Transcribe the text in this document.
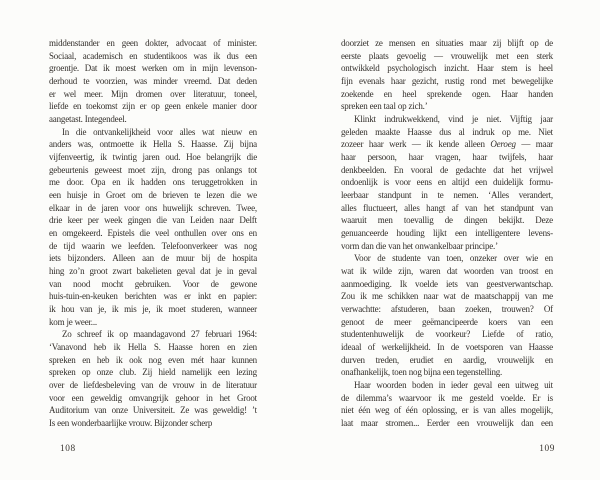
middenstander en geen dokter, advocaat of minister.
Sociaal, academisch en studentikoos was ik dus een
groentje. Dat ik moest werken om in mijn levenson-
derhoud te voorzien, was minder vreemd. Dat deden
er wel meer. Mijn dromen over literatuur, toneel,
liefde en toekomst zijn er op geen enkele manier door
aangetast. Integendeel.
In die ontvankelijkheid voor alles wat nieuw en
anders was, ontmoette ik Hella S. Haasse. Zij bijna
vijfenveertig, ik twintig jaren oud. Hoe belangrijk die
gebeurtenis geweest moet zijn, drong pas onlangs tot
me door. Opa en ik hadden ons teruggetrokken in
een huisje in Groet om de brieven te lezen die we
elkaar in de jaren voor ons huwelijk schreven. Twee,
drie keer per week gingen die van Leiden naar Delft
en omgekeerd. Epistels die veel onthullen over ons en
de tijd waarin we leefden. Telefoonverkeer was nog
iets bijzonders. Alleen aan de muur bij de hospita
hing zo’n groot zwart bakelieten geval dat je in geval
van nood mocht gebruiken. Voor de gewone
huis-tuin-en-keuken berichten was er inkt en papier:
ik hou van je, ik mis je, ik moet studeren, wanneer
kom je weer...
Zo schreef ik op maandagavond 27 februari 1964:
‘Vanavond heb ik Hella S. Haasse horen en zien
spreken en heb ik ook nog even mét haar kunnen
spreken op onze club. Zij hield namelijk een lezing
over de liefdesbeleving van de vrouw in de literatuur
voor een geweldig omvangrijk gehoor in het Groot
Auditorium van onze Universiteit. Ze was geweldig! ’t
Is een wonderbaarlijke vrouw. Bijzonder scherp
doorziet ze mensen en situaties maar zij blijft op de
eerste plaats gevoelig — vrouwelijk met een sterk
ontwikkeld psychologisch inzicht. Haar stem is heel
fijn evenals haar gezicht, rustig rond met bewegelijke
zoekende en heel sprekende ogen. Haar handen
spreken een taal op zich.’
Klinkt indrukwekkend, vind je niet. Vijftig jaar
geleden maakte Haasse dus al indruk op me. Niet
zozeer haar werk — ik kende alleen Oeroeg — maar
haar persoon, haar vragen, haar twijfels, haar
denkbeelden. En vooral de gedachte dat het vrijwel
ondoenlijk is voor eens en altijd een duidelijk formu-
leerbaar standpunt in te nemen. ‘Alles verandert,
alles fluctueert, alles hangt af van het standpunt van
waaruit men toevallig de dingen bekijkt. Deze
genuanceerde houding lijkt een intelligentere levens-
vorm dan die van het onwankelbaar principe.’
Voor de studente van toen, onzeker over wie en
wat ik wilde zijn, waren dat woorden van troost en
aanmoediging. Ik voelde iets van geestverwantschap.
Zou ik me schikken naar wat de maatschappij van me
verwachtte: afstuderen, baan zoeken, trouwen? Of
genoot de meer geëmancipeerde koers van een
studentenhuwelijk de voorkeur? Liefde of ratio,
ideaal of werkelijkheid. In de voetsporen van Haasse
durven treden, erudiet en aardig, vrouwelijk en
onafhankelijk, toen nog bijna een tegenstelling.
Haar woorden boden in ieder geval een uitweg uit
de dilemma’s waarvoor ik me gesteld voelde. Er is
niet één weg of één oplossing, er is van alles mogelijk,
laat maar stromen... Eerder een vrouwelijk dan een
108	109
